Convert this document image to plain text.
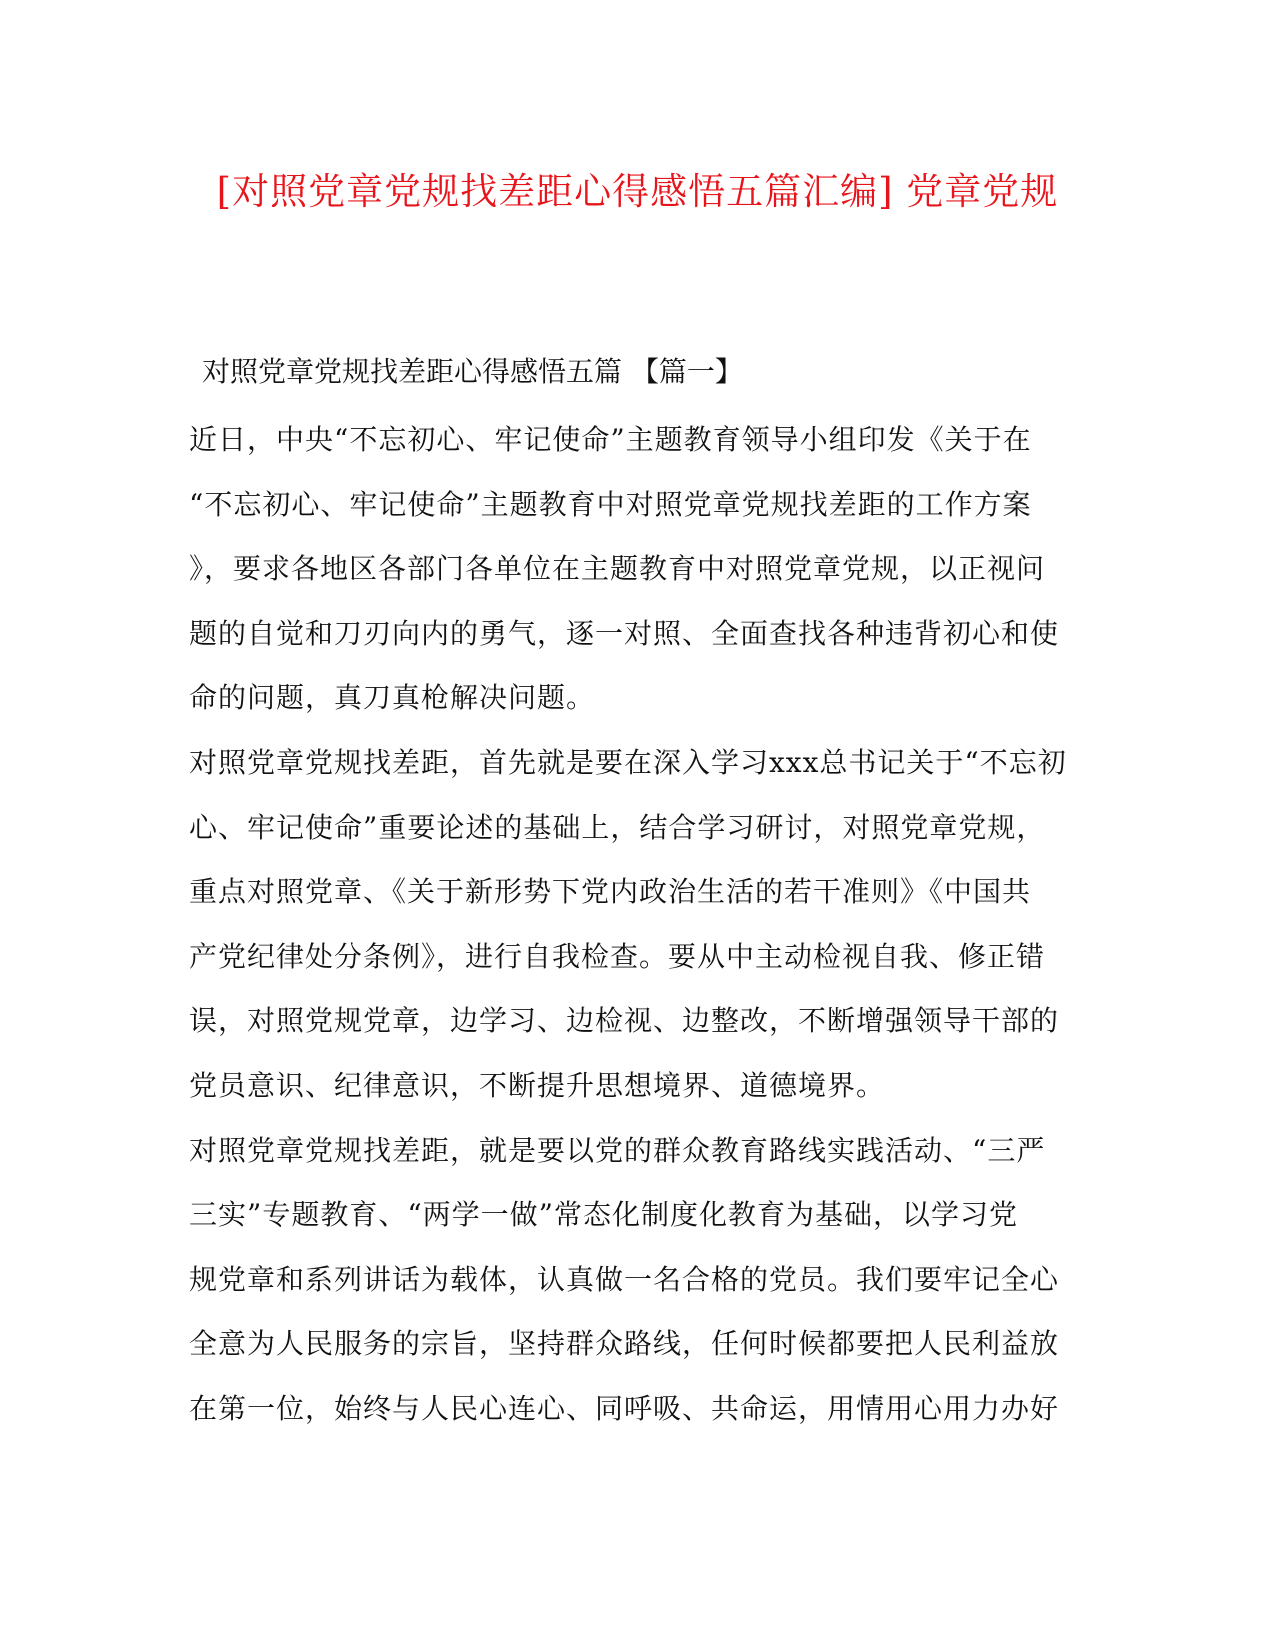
[对照党章党规找差距心得感悟五篇汇编] 党章党规
对照党章党规找差距心得感悟五篇 【篇一】

近日，中央“不忘初心、牢记使命”主题教育领导小组印发《关于在
“不忘初心、牢记使命”主题教育中对照党章党规找差距的工作方案
》，要求各地区各部门各单位在主题教育中对照党章党规，以正视问
题的自觉和刀刃向内的勇气，逐一对照、全面查找各种违背初心和使
命的问题，真刀真枪解决问题。

对照党章党规找差距，首先就是要在深入学习xxx总书记关于“不忘初
心、牢记使命”重要论述的基础上，结合学习研讨，对照党章党规，
重点对照党章、《关于新形势下党内政治生活的若干准则》《中国共
产党纪律处分条例》，进行自我检查。要从中主动检视自我、修正错
误，对照党规党章，边学习、边检视、边整改，不断增强领导干部的
党员意识、纪律意识，不断提升思想境界、道德境界。

对照党章党规找差距，就是要以党的群众教育路线实践活动、“三严
三实”专题教育、“两学一做”常态化制度化教育为基础，以学习党
规党章和系列讲话为载体，认真做一名合格的党员。我们要牢记全心
全意为人民服务的宗旨，坚持群众路线，任何时候都要把人民利益放
在第一位，始终与人民心连心、同呼吸、共命运，用情用心用力办好
